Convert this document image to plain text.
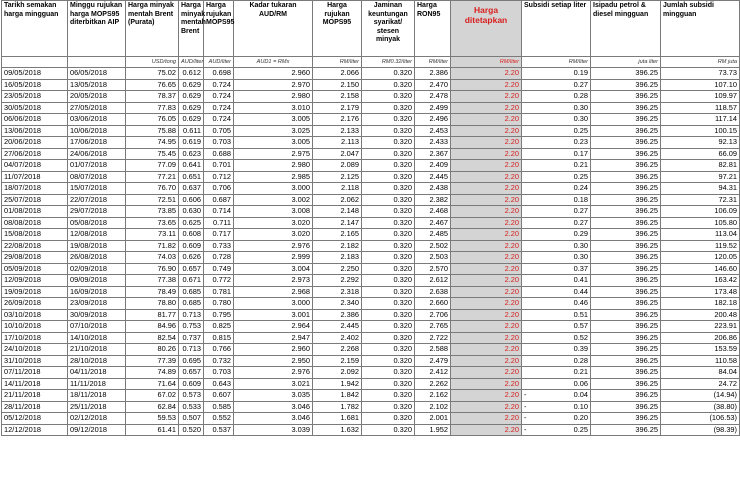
Tarikh semakan harga mingguan	Minggu rujukan harga MOPS95 diterbitkan AIP	Harga minyak mentah Brent (Purata)	Harga minyak mentah Brent	Harga rujukan MOPS95	Kadar tukaran AUD/RM	Harga rujukan MOPS95	Jaminan keuntungan syarikat/ stesen minyak	Harga RON95	Harga ditetapkan	Subsidi setiap liter	Isipadu petrol & diesel mingguan	Jumlah subsidi mingguan
		USD/tong	AUD/liter	AUD/liter	AUD1 = RMx	RM/liter	RM0.32/liter	RM/liter	RM/liter	RM/liter	juta liter	RM juta
09/05/2018	06/05/2018	75.02	0.612	0.698	2.960	2.066	0.320	2.386	2.20	0.19	396.25	73.73
16/05/2018	13/05/2018	76.65	0.629	0.724	2.970	2.150	0.320	2.470	2.20	0.27	396.25	107.10
23/05/2018	20/05/2018	78.37	0.629	0.724	2.980	2.158	0.320	2.478	2.20	0.28	396.25	109.97
30/05/2018	27/05/2018	77.83	0.629	0.724	3.010	2.179	0.320	2.499	2.20	0.30	396.25	118.57
06/06/2018	03/06/2018	76.05	0.629	0.724	3.005	2.176	0.320	2.496	2.20	0.30	396.25	117.14
13/06/2018	10/06/2018	75.88	0.611	0.705	3.025	2.133	0.320	2.453	2.20	0.25	396.25	100.15
20/06/2018	17/06/2018	74.95	0.619	0.703	3.005	2.113	0.320	2.433	2.20	0.23	396.25	92.13
27/06/2018	24/06/2018	75.45	0.623	0.688	2.975	2.047	0.320	2.367	2.20	0.17	396.25	66.09
04/07/2018	01/07/2018	77.09	0.641	0.701	2.980	2.089	0.320	2.409	2.20	0.21	396.25	82.81
11/07/2018	08/07/2018	77.21	0.651	0.712	2.985	2.125	0.320	2.445	2.20	0.25	396.25	97.21
18/07/2018	15/07/2018	76.70	0.637	0.706	3.000	2.118	0.320	2.438	2.20	0.24	396.25	94.31
25/07/2018	22/07/2018	72.51	0.606	0.687	3.002	2.062	0.320	2.382	2.20	0.18	396.25	72.31
01/08/2018	29/07/2018	73.85	0.630	0.714	3.008	2.148	0.320	2.468	2.20	0.27	396.25	106.09
08/08/2018	05/08/2018	73.65	0.625	0.711	3.020	2.147	0.320	2.467	2.20	0.27	396.25	105.80
15/08/2018	12/08/2018	73.11	0.608	0.717	3.020	2.165	0.320	2.485	2.20	0.29	396.25	113.04
22/08/2018	19/08/2018	71.82	0.609	0.733	2.976	2.182	0.320	2.502	2.20	0.30	396.25	119.52
29/08/2018	26/08/2018	74.03	0.626	0.728	2.999	2.183	0.320	2.503	2.20	0.30	396.25	120.05
05/09/2018	02/09/2018	76.90	0.657	0.749	3.004	2.250	0.320	2.570	2.20	0.37	396.25	146.60
12/09/2018	09/09/2018	77.38	0.671	0.772	2.973	2.292	0.320	2.612	2.20	0.41	396.25	163.42
19/09/2018	16/09/2018	78.49	0.685	0.781	2.968	2.318	0.320	2.638	2.20	0.44	396.25	173.48
26/09/2018	23/09/2018	78.80	0.685	0.780	3.000	2.340	0.320	2.660	2.20	0.46	396.25	182.18
03/10/2018	30/09/2018	81.77	0.713	0.795	3.001	2.386	0.320	2.706	2.20	0.51	396.25	200.48
10/10/2018	07/10/2018	84.96	0.753	0.825	2.964	2.445	0.320	2.765	2.20	0.57	396.25	223.91
17/10/2018	14/10/2018	82.54	0.737	0.815	2.947	2.402	0.320	2.722	2.20	0.52	396.25	206.86
24/10/2018	21/10/2018	80.26	0.713	0.766	2.960	2.268	0.320	2.588	2.20	0.39	396.25	153.59
31/10/2018	28/10/2018	77.39	0.695	0.732	2.950	2.159	0.320	2.479	2.20	0.28	396.25	110.58
07/11/2018	04/11/2018	74.89	0.657	0.703	2.976	2.092	0.320	2.412	2.20	0.21	396.25	84.04
14/11/2018	11/11/2018	71.64	0.609	0.643	3.021	1.942	0.320	2.262	2.20	0.06	396.25	24.72
21/11/2018	18/11/2018	67.02	0.573	0.607	3.035	1.842	0.320	2.162	2.20	- 0.04	396.25	(14.94)
28/11/2018	25/11/2018	62.84	0.533	0.585	3.046	1.782	0.320	2.102	2.20	- 0.10	396.25	(38.80)
05/12/2018	02/12/2018	59.53	0.507	0.552	3.046	1.681	0.320	2.001	2.20	- 0.20	396.25	(106.53)
12/12/2018	09/12/2018	61.41	0.520	0.537	3.039	1.632	0.320	1.952	2.20	- 0.25	396.25	(98.39)
